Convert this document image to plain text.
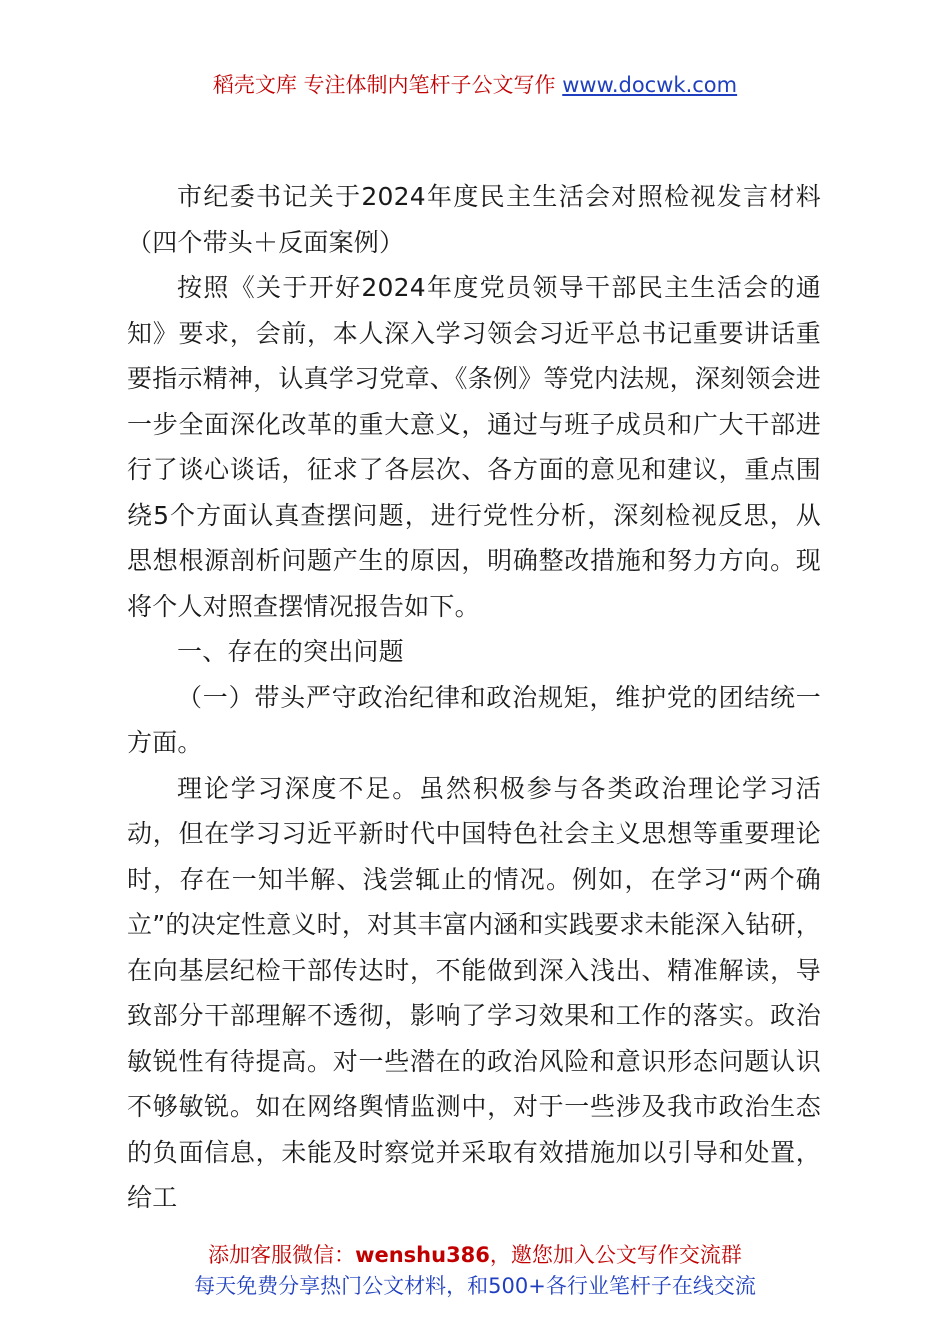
稻壳文库 专注体制内笔杆子公文写作 www.docwk.com

市纪委书记关于2024年度民主生活会对照检视发言材料（四个带头＋反面案例）

按照《关于开好2024年度党员领导干部民主生活会的通知》要求，会前，本人深入学习领会习近平总书记重要讲话重要指示精神，认真学习党章、《条例》等党内法规，深刻领会进一步全面深化改革的重大意义，通过与班子成员和广大干部进行了谈心谈话，征求了各层次、各方面的意见和建议，重点围绕5个方面认真查摆问题，进行党性分析，深刻检视反思，从思想根源剖析问题产生的原因，明确整改措施和努力方向。现将个人对照查摆情况报告如下。

一、存在的突出问题

（一）带头严守政治纪律和政治规矩，维护党的团结统一方面。

理论学习深度不足。虽然积极参与各类政治理论学习活动，但在学习习近平新时代中国特色社会主义思想等重要理论时，存在一知半解、浅尝辄止的情况。例如，在学习“两个确立”的决定性意义时，对其丰富内涵和实践要求未能深入钻研，在向基层纪检干部传达时，不能做到深入浅出、精准解读，导致部分干部理解不透彻，影响了学习效果和工作的落实。政治敏锐性有待提高。对一些潜在的政治风险和意识形态问题认识不够敏锐。如在网络舆情监测中，对于一些涉及我市政治生态的负面信息，未能及时察觉并采取有效措施加以引导和处置，给工

添加客服微信：wenshu386，邀您加入公文写作交流群
每天免费分享热门公文材料，和500+各行业笔杆子在线交流
